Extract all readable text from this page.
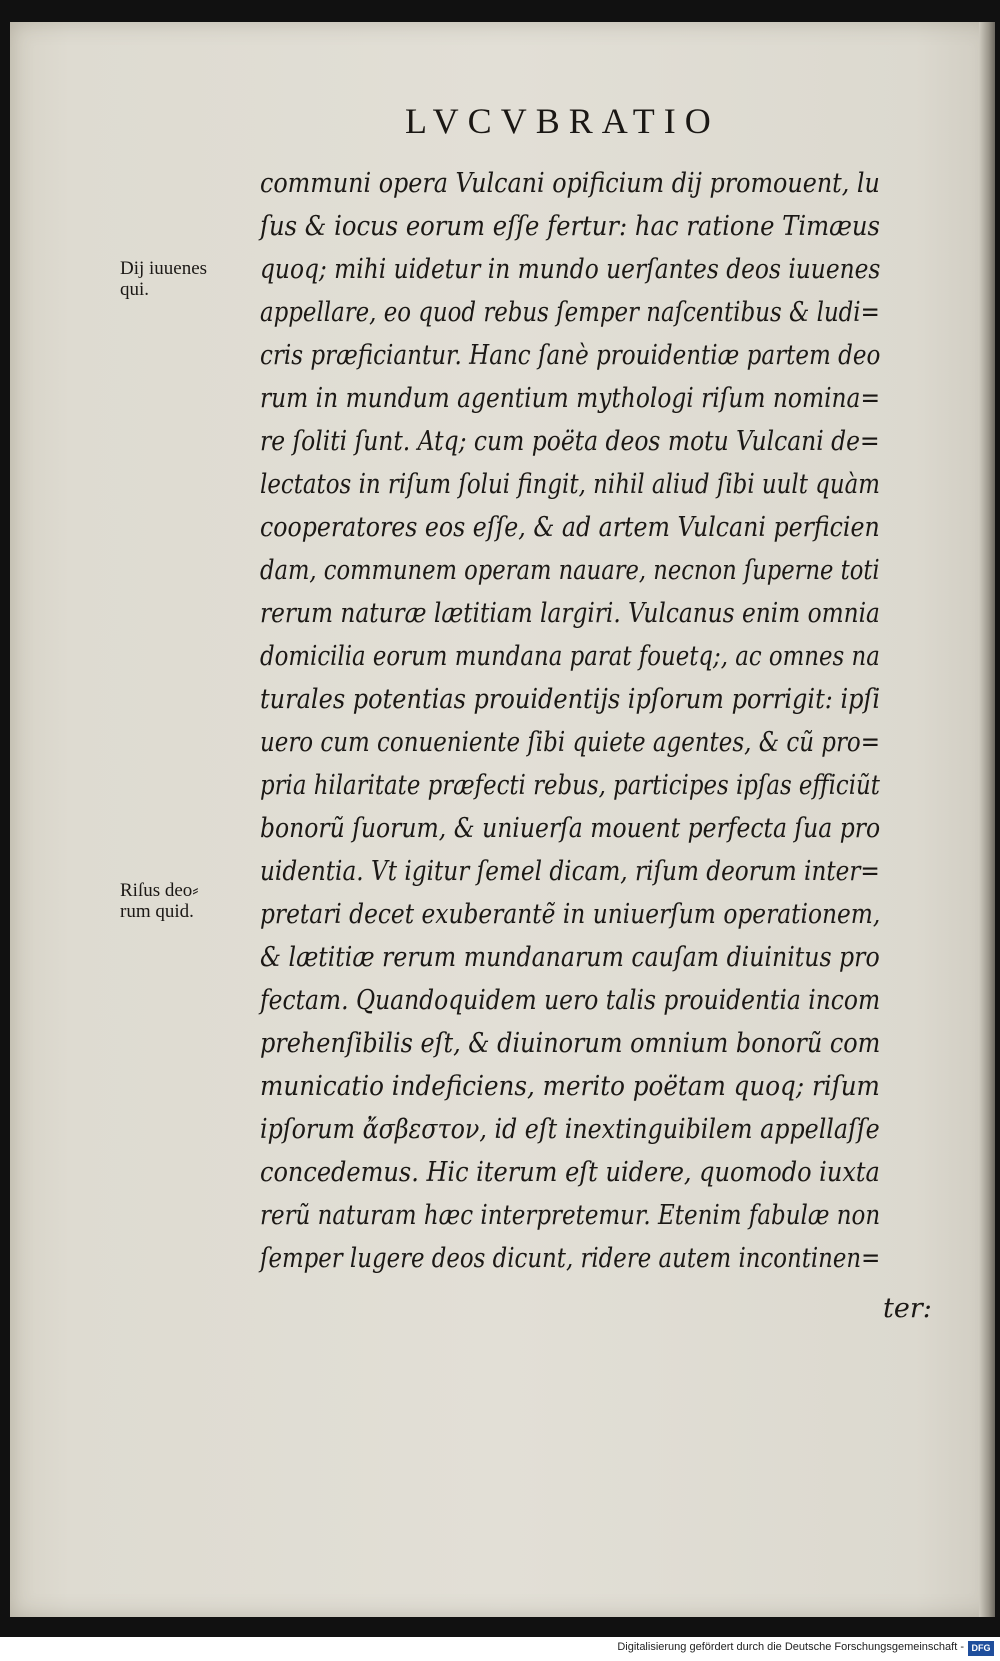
LVCVBRATIO

communi opera Vulcani opificium dij promouent, lu

ſus & iocus eorum eſſe fertur: hac ratione Timæus

quoq; mihi uidetur in mundo uerſantes deos iuuenes

appellare, eo quod rebus ſemper naſcentibus & ludi=

cris præficiantur. Hanc ſanè prouidentiæ partem deo

rum in mundum agentium mythologi riſum nomina=

re ſoliti ſunt. Atq; cum poëta deos motu Vulcani de=

lectatos in riſum ſolui fingit, nihil aliud ſibi uult quàm

cooperatores eos eſſe, & ad artem Vulcani perficien

dam, communem operam nauare, necnon ſuperne toti

rerum naturæ lætitiam largiri. Vulcanus enim omnia

domicilia eorum mundana parat fouetq;, ac omnes na

turales potentias prouidentijs ipſorum porrigit: ipſi

uero cum conueniente ſibi quiete agentes, & cũ pro=

pria hilaritate præfecti rebus, participes ipſas efficiũt

bonorũ ſuorum, & uniuerſa mouent perfecta ſua pro

uidentia. Vt igitur ſemel dicam, riſum deorum inter=

pretari decet exuberantẽ in uniuerſum operationem,

& lætitiæ rerum mundanarum cauſam diuinitus pro

fectam. Quandoquidem uero talis prouidentia incom

prehenſibilis eſt, & diuinorum omnium bonorũ com

municatio indeficiens, merito poëtam quoq; riſum

ipſorum ἄσβεστον, id eſt inextinguibilem appellaſſe

concedemus. Hic iterum eſt uidere, quomodo iuxta

rerũ naturam hæc interpretemur. Etenim fabulæ non

ſemper lugere deos dicunt, ridere autem incontinen=

ter:

Dij iuuenes
qui.
Riſus deo⸗
rum quid.
Digitalisierung gefördert durch die Deutsche Forschungsgemeinschaft - DFG
